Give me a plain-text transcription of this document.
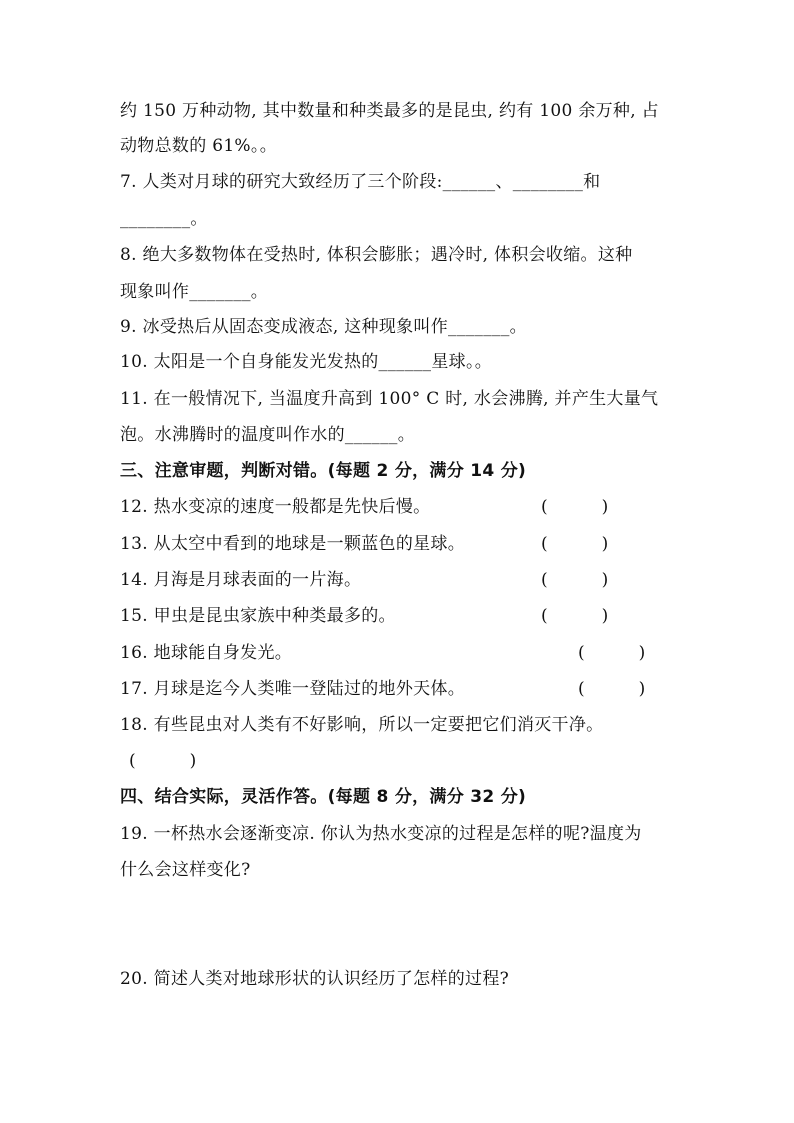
约 150 万种动物, 其中数量和种类最多的是昆虫, 约有 100 余万种, 占
动物总数的 61%。。
7. 人类对月球的研究大致经历了三个阶段:______、________和
________。
8. 绝大多数物体在受热时, 体积会膨胀；遇冷时, 体积会收缩。这种
现象叫作_______。
9. 冰受热后从固态变成液态, 这种现象叫作_______。
10. 太阳是一个自身能发光发热的______星球。。
11. 在一般情况下, 当温度升高到 100° C 时, 水会沸腾, 并产生大量气
泡。水沸腾时的温度叫作水的______。
三、注意审题，判断对错。(每题 2 分，满分 14 分)
12. 热水变凉的速度一般都是先快后慢。	(          )
13. 从太空中看到的地球是一颗蓝色的星球。	(          )
14. 月海是月球表面的一片海。	(          )
15. 甲虫是昆虫家族中种类最多的。	(          )
16. 地球能自身发光。	(          )
17. 月球是迄今人类唯一登陆过的地外天体。	(          )
18. 有些昆虫对人类有不好影响，所以一定要把它们消灭干净。
(          )
四、结合实际，灵活作答。(每题 8 分，满分 32 分)
19. 一杯热水会逐渐变凉. 你认为热水变凉的过程是怎样的呢?温度为
什么会这样变化?
20. 简述人类对地球形状的认识经历了怎样的过程?
